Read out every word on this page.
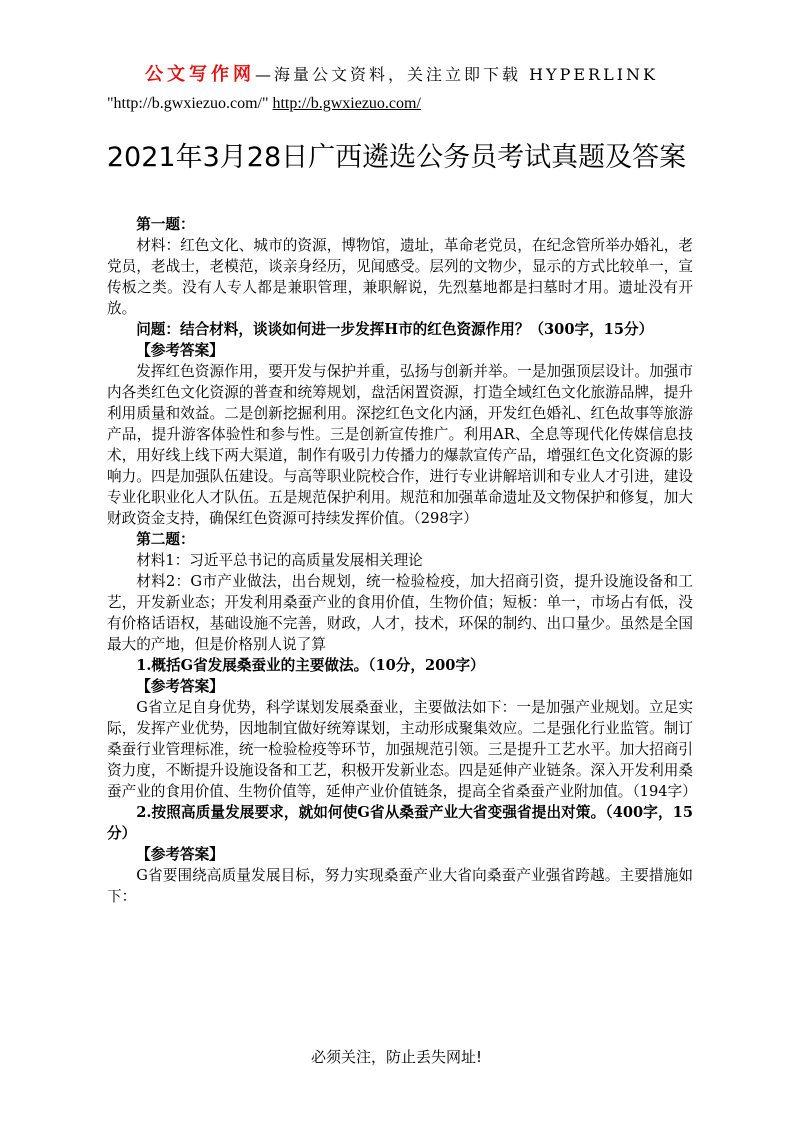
公文写作网—海量公文资料，关注立即下载 HYPERLINK
"http://b.gwxiezuo.com/" http://b.gwxiezuo.com/
2021年3月28日广西遴选公务员考试真题及答案

第一题：

材料：红色文化、城市的资源，博物馆，遗址，革命老党员，在纪念管所举办婚礼，老党员，老战士，老模范，谈亲身经历，见闻感受。层列的文物少，显示的方式比较单一，宣传板之类。没有人专人都是兼职管理，兼职解说，先烈墓地都是扫墓时才用。遗址没有开放。

问题：结合材料，谈谈如何进一步发挥H市的红色资源作用？（300字，15分）

【参考答案】

发挥红色资源作用，要开发与保护并重，弘扬与创新并举。一是加强顶层设计。加强市内各类红色文化资源的普查和统筹规划，盘活闲置资源，打造全域红色文化旅游品牌，提升利用质量和效益。二是创新挖掘利用。深挖红色文化内涵，开发红色婚礼、红色故事等旅游产品，提升游客体验性和参与性。三是创新宣传推广。利用AR、全息等现代化传媒信息技术，用好线上线下两大渠道，制作有吸引力传播力的爆款宣传产品，增强红色文化资源的影响力。四是加强队伍建设。与高等职业院校合作，进行专业讲解培训和专业人才引进，建设专业化职业化人才队伍。五是规范保护利用。规范和加强革命遗址及文物保护和修复，加大财政资金支持，确保红色资源可持续发挥价值。（298字）

第二题：

材料1：习近平总书记的高质量发展相关理论

材料2：G市产业做法，出台规划，统一检验检疫，加大招商引资，提升设施设备和工艺，开发新业态；开发利用桑蚕产业的食用价值，生物价值；短板：单一，市场占有低，没有价格话语权，基础设施不完善，财政，人才，技术，环保的制约、出口量少。虽然是全国最大的产地，但是价格别人说了算

1.概括G省发展桑蚕业的主要做法。（10分，200字）

【参考答案】

G省立足自身优势，科学谋划发展桑蚕业，主要做法如下：一是加强产业规划。立足实际，发挥产业优势，因地制宜做好统筹谋划，主动形成聚集效应。二是强化行业监管。制订桑蚕行业管理标准，统一检验检疫等环节，加强规范引领。三是提升工艺水平。加大招商引资力度，不断提升设施设备和工艺，积极开发新业态。四是延伸产业链条。深入开发利用桑蚕产业的食用价值、生物价值等，延伸产业价值链条，提高全省桑蚕产业附加值。（194字）

2.按照高质量发展要求，就如何使G省从桑蚕产业大省变强省提出对策。（400字，15分）

【参考答案】

G省要围绕高质量发展目标，努力实现桑蚕产业大省向桑蚕产业强省跨越。主要措施如下：

必须关注，防止丢失网址!
